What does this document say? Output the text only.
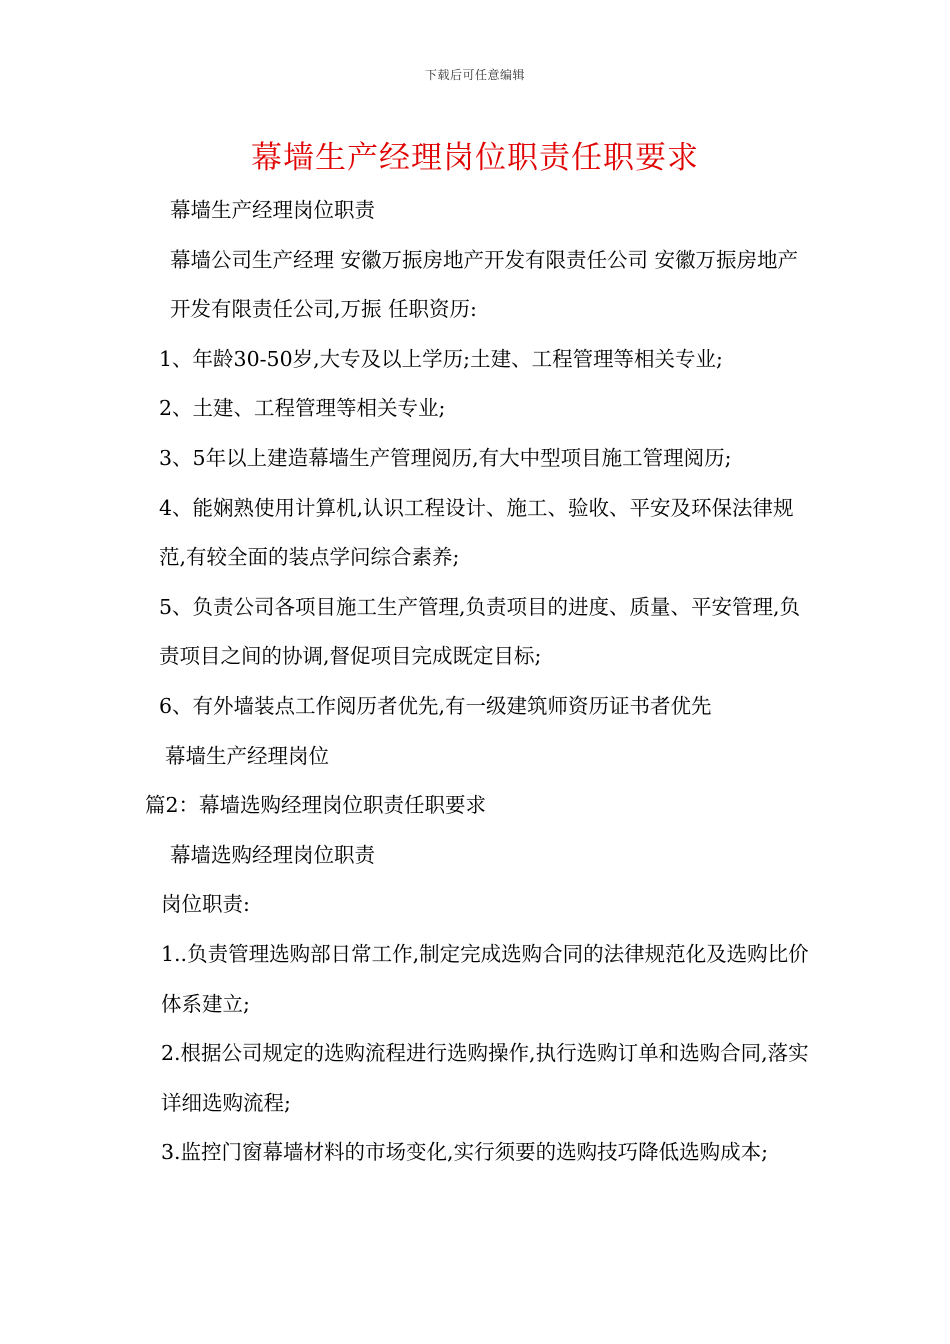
下载后可任意编辑
幕墙生产经理岗位职责任职要求

幕墙生产经理岗位职责

幕墙公司生产经理 安徽万振房地产开发有限责任公司 安徽万振房地产开发有限责任公司,万振 任职资历:

1、年龄30-50岁,大专及以上学历;土建、工程管理等相关专业;

2、土建、工程管理等相关专业;

3、5年以上建造幕墙生产管理阅历,有大中型项目施工管理阅历;

4、能娴熟使用计算机,认识工程设计、施工、验收、平安及环保法律规范,有较全面的装点学问综合素养;

5、负责公司各项目施工生产管理,负责项目的进度、质量、平安管理,负责项目之间的协调,督促项目完成既定目标;

6、有外墙装点工作阅历者优先,有一级建筑师资历证书者优先

幕墙生产经理岗位

篇2：幕墙选购经理岗位职责任职要求

幕墙选购经理岗位职责

岗位职责:

1..负责管理选购部日常工作,制定完成选购合同的法律规范化及选购比价体系建立;

2.根据公司规定的选购流程进行选购操作,执行选购订单和选购合同,落实详细选购流程;

3.监控门窗幕墙材料的市场变化,实行须要的选购技巧降低选购成本;
